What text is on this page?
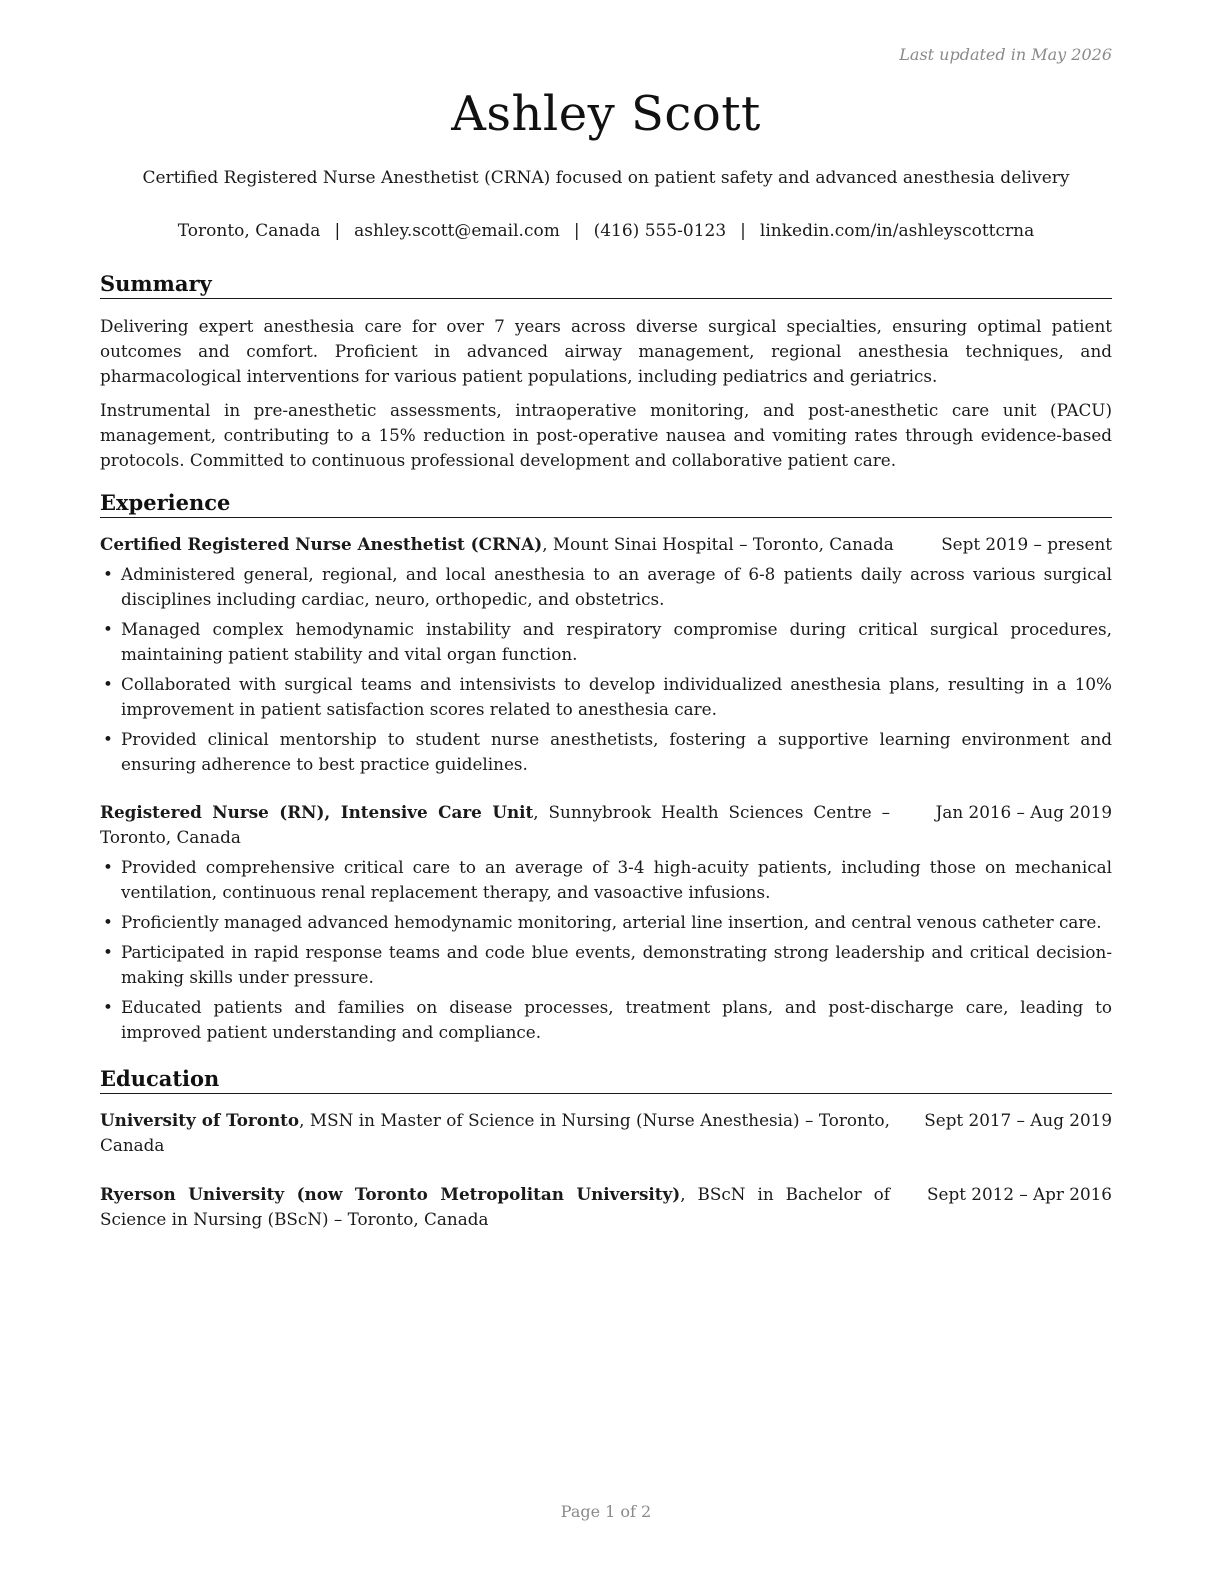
Last updated in May 2026
Ashley Scott
Certified Registered Nurse Anesthetist (CRNA) focused on patient safety and advanced anesthesia delivery
Toronto, Canada | ashley.scott@email.com | (416) 555-0123 | linkedin.com/in/ashleyscottcrna
Summary
Delivering expert anesthesia care for over 7 years across diverse surgical specialties, ensuring optimal patient outcomes and comfort. Proficient in advanced airway management, regional anesthesia techniques, and pharmacological interventions for various patient populations, including pediatrics and geriatrics.
Instrumental in pre-anesthetic assessments, intraoperative monitoring, and post-anesthetic care unit (PACU) management, contributing to a 15% reduction in post-operative nausea and vomiting rates through evidence-based protocols. Committed to continuous professional development and collaborative patient care.
Experience
Certified Registered Nurse Anesthetist (CRNA), Mount Sinai Hospital – Toronto, Canada	Sept 2019 – present
• Administered general, regional, and local anesthesia to an average of 6-8 patients daily across various surgical disciplines including cardiac, neuro, orthopedic, and obstetrics.
• Managed complex hemodynamic instability and respiratory compromise during critical surgical procedures, maintaining patient stability and vital organ function.
• Collaborated with surgical teams and intensivists to develop individualized anesthesia plans, resulting in a 10% improvement in patient satisfaction scores related to anesthesia care.
• Provided clinical mentorship to student nurse anesthetists, fostering a supportive learning environment and ensuring adherence to best practice guidelines.
Registered Nurse (RN), Intensive Care Unit, Sunnybrook Health Sciences Centre – Toronto, Canada
Jan 2016 – Aug 2019
• Provided comprehensive critical care to an average of 3-4 high-acuity patients, including those on mechanical ventilation, continuous renal replacement therapy, and vasoactive infusions.
• Proficiently managed advanced hemodynamic monitoring, arterial line insertion, and central venous catheter care.
• Participated in rapid response teams and code blue events, demonstrating strong leadership and critical decision-making skills under pressure.
• Educated patients and families on disease processes, treatment plans, and post-discharge care, leading to improved patient understanding and compliance.
Education
University of Toronto, MSN in Master of Science in Nursing (Nurse Anesthesia) – Toronto, Canada
Sept 2017 – Aug 2019
Ryerson University (now Toronto Metropolitan University), BScN in Bachelor of Science in Nursing (BScN) – Toronto, Canada
Sept 2012 – Apr 2016
Page 1 of 2
